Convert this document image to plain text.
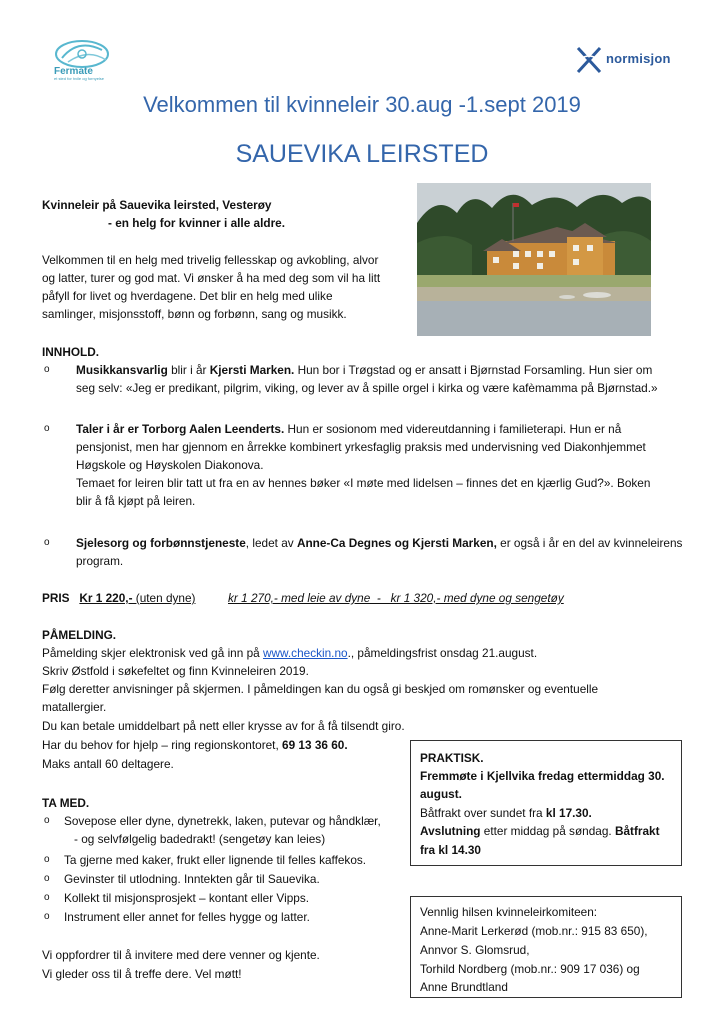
Fermate
et sted for hvile og fornyelse
normisjon
Velkommen til kvinneleir 30.aug -1.sept 2019
SAUEVIKA LEIRSTED
Kvinneleir på Sauevika leirsted, Vesterøy
- en helg for kvinner i alle aldre.
Velkommen til en helg med trivelig fellesskap og avkobling, alvor
og latter, turer og god mat. Vi ønsker å ha med deg som vil ha litt
påfyll for livet og hverdagene. Det blir en helg med ulike
samlinger, misjonsstoff, bønn og forbønn, sang og musikk.
INNHOLD.
o Musikkansvarlig blir i år Kjersti Marken. Hun bor i Trøgstad og er ansatt i Bjørnstad Forsamling. Hun sier om
seg selv: «Jeg er predikant, pilgrim, viking, og lever av å spille orgel i kirka og være kafèmamma på Bjørnstad.»
o Taler i år er Torborg Aalen Leenderts. Hun er sosionom med videreutdanning i familieterapi. Hun er nå
pensjonist, men har gjennom en årrekke kombinert yrkesfaglig praksis med undervisning ved Diakonhjemmet
Høgskole og Høyskolen Diakonova.
Temaet for leiren blir tatt ut fra en av hennes bøker «I møte med lidelsen – finnes det en kjærlig Gud?». Boken
blir å få kjøpt på leiren.
o Sjelesorg og forbønnstjeneste, ledet av Anne-Ca Degnes og Kjersti Marken, er også i år en del av kvinneleirens
program.
PRIS Kr 1 220,- (uten dyne)	kr 1 270,- med leie av dyne  -   kr 1 320,- med dyne og sengetøy
PÅMELDING.
Påmelding skjer elektronisk ved gå inn på www.checkin.no., påmeldingsfrist onsdag 21.august.
Skriv Østfold i søkefeltet og finn Kvinneleiren 2019.
Følg deretter anvisninger på skjermen. I påmeldingen kan du også gi beskjed om romønsker og eventuelle
matallergier.
Du kan betale umiddelbart på nett eller krysse av for å få tilsendt giro.
Har du behov for hjelp – ring regionskontoret, 69 13 36 60.
Maks antall 60 deltagere.	PRAKTISK.
Fremmøte i Kjellvika fredag ettermiddag 30.
august.
Båtfrakt over sundet fra kl 17.30.
Avslutning etter middag på søndag. Båtfrakt
fra kl 14.30
TA MED.
o Sovepose eller dyne, dynetrekk, laken, putevar og håndklær,
- og selvfølgelig badedrakt! (sengetøy kan leies)
o Ta gjerne med kaker, frukt eller lignende til felles kaffekos.
o Gevinster til utlodning. Inntekten går til Sauevika.
o Kollekt til misjonsprosjekt – kontant eller Vipps.
o Instrument eller annet for felles hygge og latter.
Vi oppfordrer til å invitere med dere venner og kjente.
Vi gleder oss til å treffe dere. Vel møtt!
Vennlig hilsen kvinneleirkomiteen:
Anne-Marit Lerkerød (mob.nr.: 915 83 650),
Annvor S. Glomsrud,
Torhild Nordberg (mob.nr.: 909 17 036) og
Anne Brundtland
